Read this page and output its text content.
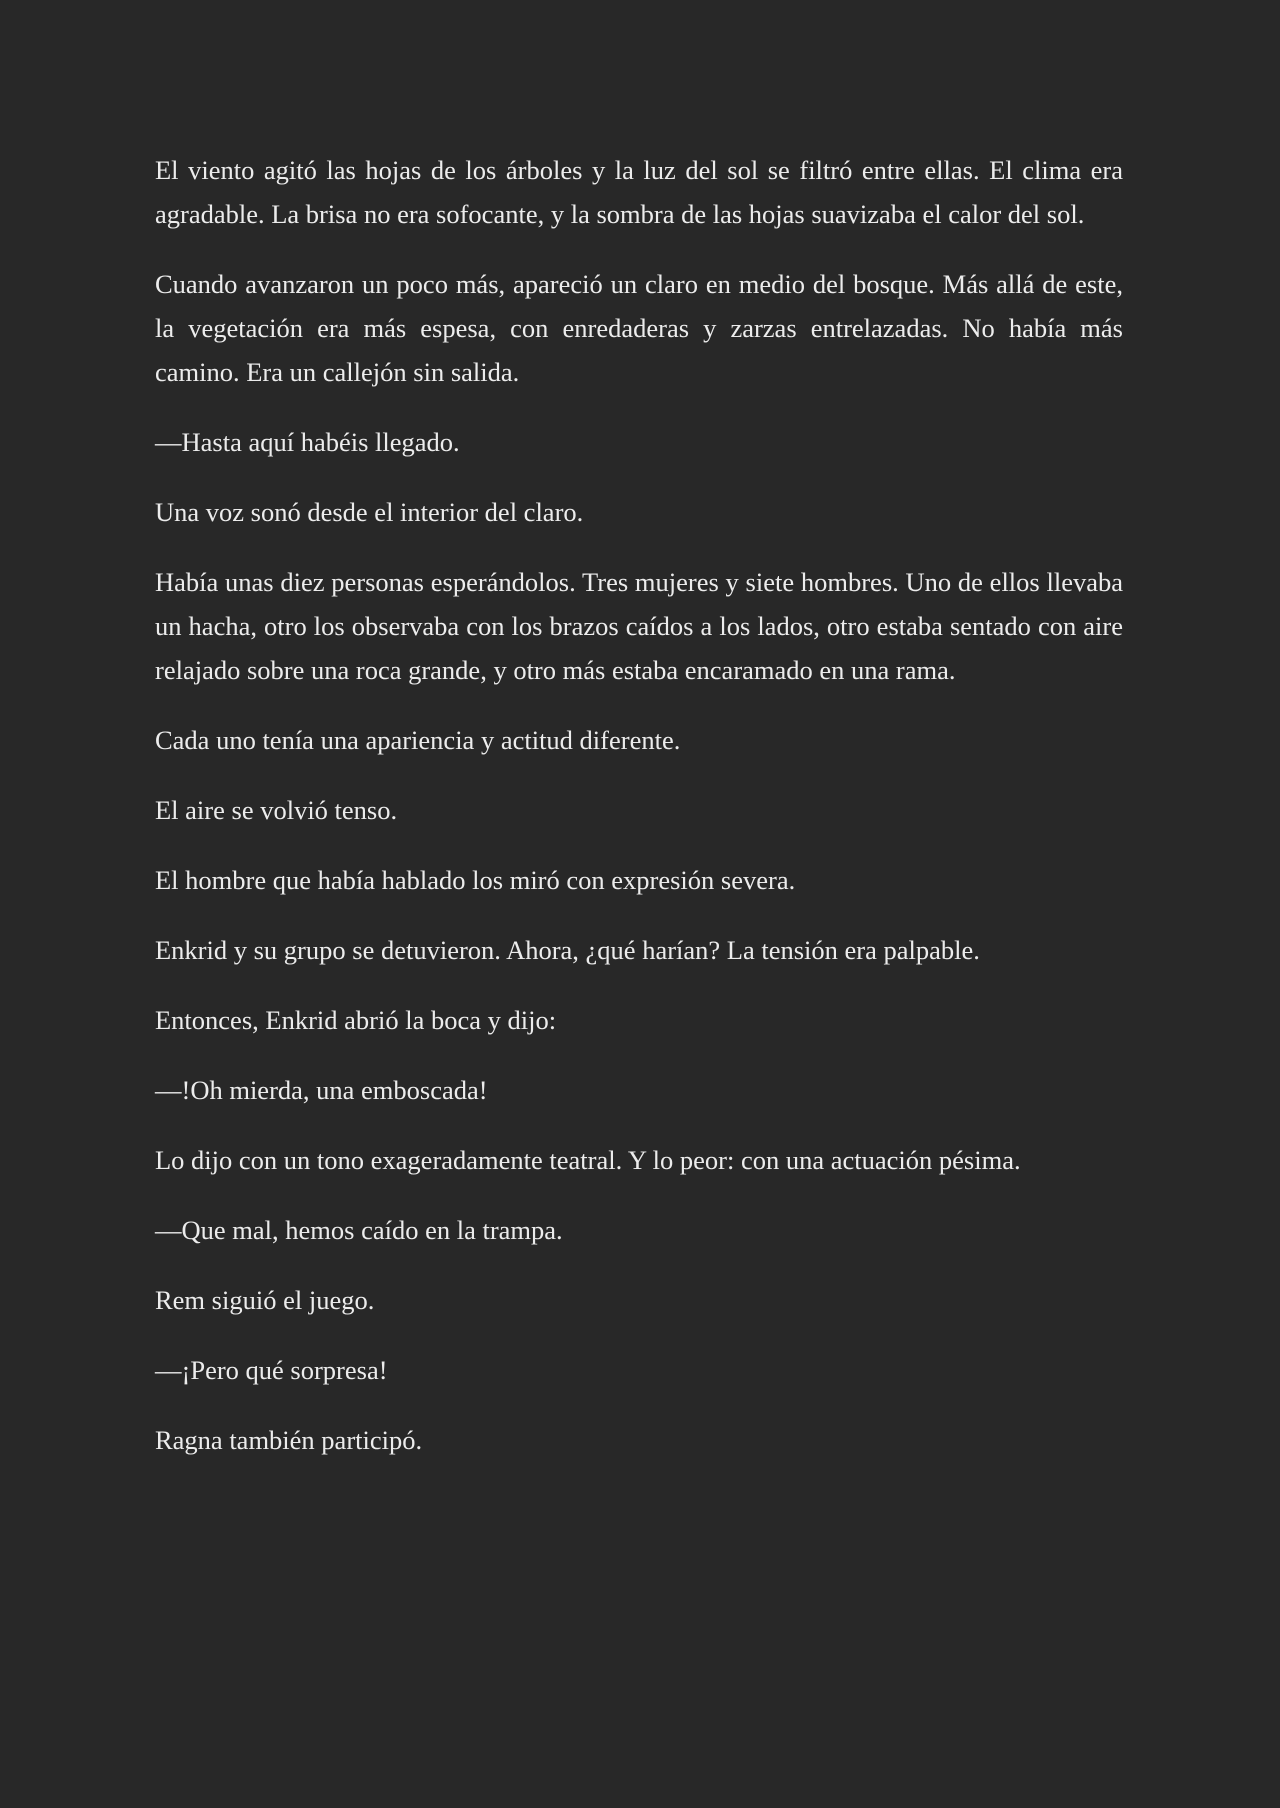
El viento agitó las hojas de los árboles y la luz del sol se filtró entre ellas. El clima era agradable. La brisa no era sofocante, y la sombra de las hojas suavizaba el calor del sol.

Cuando avanzaron un poco más, apareció un claro en medio del bosque. Más allá de este, la vegetación era más espesa, con enredaderas y zarzas entrelazadas. No había más camino. Era un callejón sin salida.

—Hasta aquí habéis llegado.

Una voz sonó desde el interior del claro.

Había unas diez personas esperándolos. Tres mujeres y siete hombres. Uno de ellos llevaba un hacha, otro los observaba con los brazos caídos a los lados, otro estaba sentado con aire relajado sobre una roca grande, y otro más estaba encaramado en una rama.

Cada uno tenía una apariencia y actitud diferente.

El aire se volvió tenso.

El hombre que había hablado los miró con expresión severa.

Enkrid y su grupo se detuvieron. Ahora, ¿qué harían? La tensión era palpable.

Entonces, Enkrid abrió la boca y dijo:

—!Oh mierda, una emboscada!

Lo dijo con un tono exageradamente teatral. Y lo peor: con una actuación pésima.

—Que mal, hemos caído en la trampa.

Rem siguió el juego.

—¡Pero qué sorpresa!

Ragna también participó.
